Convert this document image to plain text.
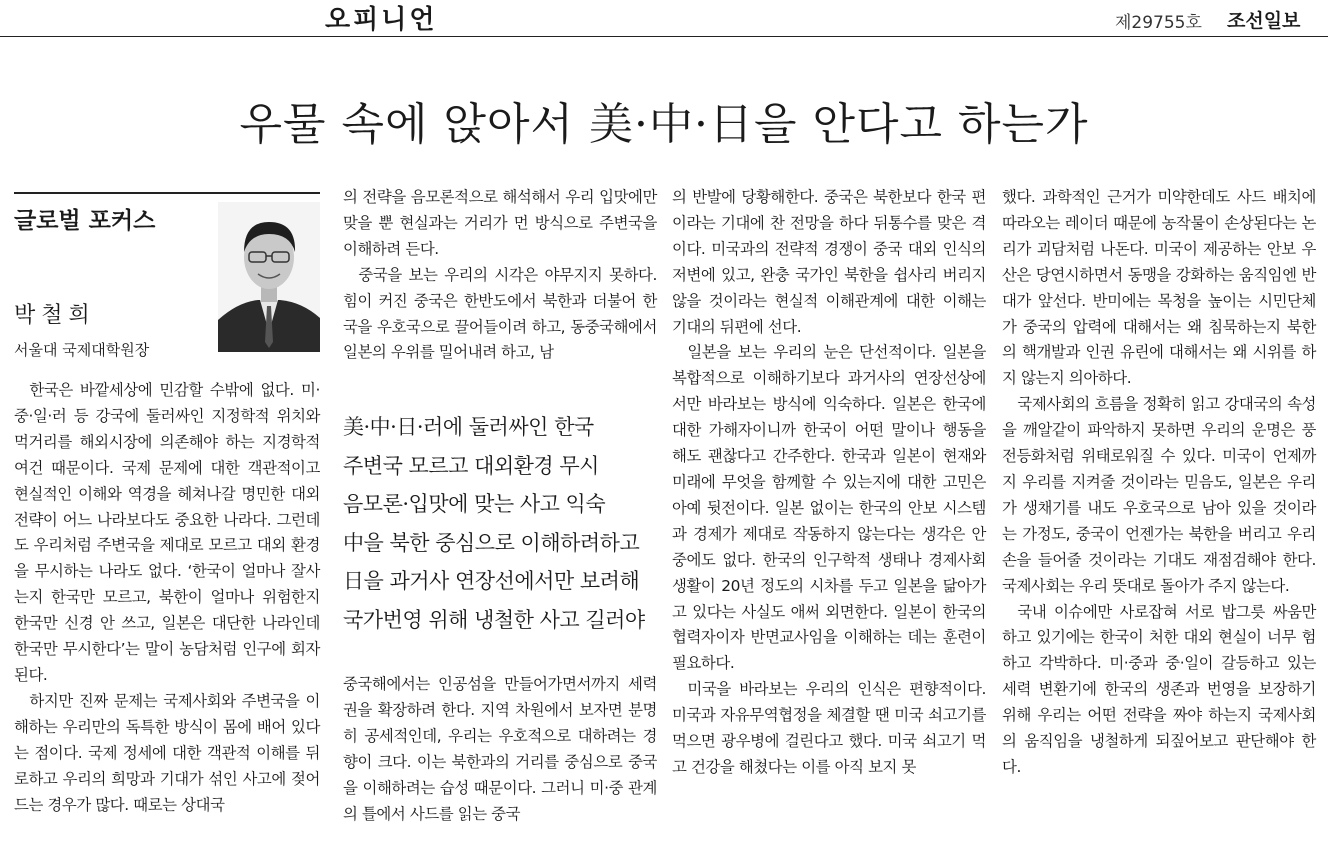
오피니언	제29755호 조선일보
우물 속에 앉아서 美·中·日을 안다고 하는가
글로벌 포커스
박철희
서울대 국제대학원장

한국은 바깥세상에 민감할 수밖에 없다. 미·중·일·러 등 강국에 둘러싸인 지정학적 위치와 먹거리를 해외시장에 의존해야 하는 지경학적 여건 때문이다. 국제 문제에 대한 객관적이고 현실적인 이해와 역경을 헤쳐나갈 명민한 대외 전략이 어느 나라보다도 중요한 나라다. 그런데도 우리처럼 주변국을 제대로 모르고 대외 환경을 무시하는 나라도 없다. ‘한국이 얼마나 잘사는지 한국만 모르고, 북한이 얼마나 위험한지 한국만 신경 안 쓰고, 일본은 대단한 나라인데 한국만 무시한다’는 말이 농담처럼 인구에 회자된다.

하지만 진짜 문제는 국제사회와 주변국을 이해하는 우리만의 독특한 방식이 몸에 배어 있다는 점이다. 국제 정세에 대한 객관적 이해를 뒤로하고 우리의 희망과 기대가 섞인 사고에 젖어드는 경우가 많다. 때로는 상대국

의 전략을 음모론적으로 해석해서 우리 입맛에만 맞을 뿐 현실과는 거리가 먼 방식으로 주변국을 이해하려 든다.

중국을 보는 우리의 시각은 야무지지 못하다. 힘이 커진 중국은 한반도에서 북한과 더불어 한국을 우호국으로 끌어들이려 하고, 동중국해에서 일본의 우위를 밀어내려 하고, 남

美·中·日·러에 둘러싸인 한국
주변국 모르고 대외환경 무시
음모론·입맛에 맞는 사고 익숙
中을 북한 중심으로 이해하려하고
日을 과거사 연장선에서만 보려해
국가번영 위해 냉철한 사고 길러야

중국해에서는 인공섬을 만들어가면서까지 세력권을 확장하려 한다. 지역 차원에서 보자면 분명히 공세적인데, 우리는 우호적으로 대하려는 경향이 크다. 이는 북한과의 거리를 중심으로 중국을 이해하려는 습성 때문이다. 그러니 미·중 관계의 틀에서 사드를 읽는 중국

의 반발에 당황해한다. 중국은 북한보다 한국 편이라는 기대에 찬 전망을 하다 뒤통수를 맞은 격이다. 미국과의 전략적 경쟁이 중국 대외 인식의 저변에 있고, 완충 국가인 북한을 쉽사리 버리지 않을 것이라는 현실적 이해관계에 대한 이해는 기대의 뒤편에 선다.

일본을 보는 우리의 눈은 단선적이다. 일본을 복합적으로 이해하기보다 과거사의 연장선상에서만 바라보는 방식에 익숙하다. 일본은 한국에 대한 가해자이니까 한국이 어떤 말이나 행동을 해도 괜찮다고 간주한다. 한국과 일본이 현재와 미래에 무엇을 함께할 수 있는지에 대한 고민은 아예 뒷전이다. 일본 없이는 한국의 안보 시스템과 경제가 제대로 작동하지 않는다는 생각은 안중에도 없다. 한국의 인구학적 생태나 경제사회생활이 20년 정도의 시차를 두고 일본을 닮아가고 있다는 사실도 애써 외면한다. 일본이 한국의 협력자이자 반면교사임을 이해하는 데는 훈련이 필요하다.

미국을 바라보는 우리의 인식은 편향적이다. 미국과 자유무역협정을 체결할 땐 미국 쇠고기를 먹으면 광우병에 걸린다고 했다. 미국 쇠고기 먹고 건강을 해쳤다는 이를 아직 보지 못

했다. 과학적인 근거가 미약한데도 사드 배치에 따라오는 레이더 때문에 농작물이 손상된다는 논리가 괴담처럼 나돈다. 미국이 제공하는 안보 우산은 당연시하면서 동맹을 강화하는 움직임엔 반대가 앞선다. 반미에는 목청을 높이는 시민단체가 중국의 압력에 대해서는 왜 침묵하는지 북한의 핵개발과 인권 유린에 대해서는 왜 시위를 하지 않는지 의아하다.

국제사회의 흐름을 정확히 읽고 강대국의 속성을 깨알같이 파악하지 못하면 우리의 운명은 풍전등화처럼 위태로워질 수 있다. 미국이 언제까지 우리를 지켜줄 것이라는 믿음도, 일본은 우리가 생채기를 내도 우호국으로 남아 있을 것이라는 가정도, 중국이 언젠가는 북한을 버리고 우리 손을 들어줄 것이라는 기대도 재점검해야 한다. 국제사회는 우리 뜻대로 돌아가 주지 않는다.

국내 이슈에만 사로잡혀 서로 밥그릇 싸움만 하고 있기에는 한국이 처한 대외 현실이 너무 험하고 각박하다. 미·중과 중·일이 갈등하고 있는 세력 변환기에 한국의 생존과 번영을 보장하기 위해 우리는 어떤 전략을 짜야 하는지 국제사회의 움직임을 냉철하게 되짚어보고 판단해야 한다.
